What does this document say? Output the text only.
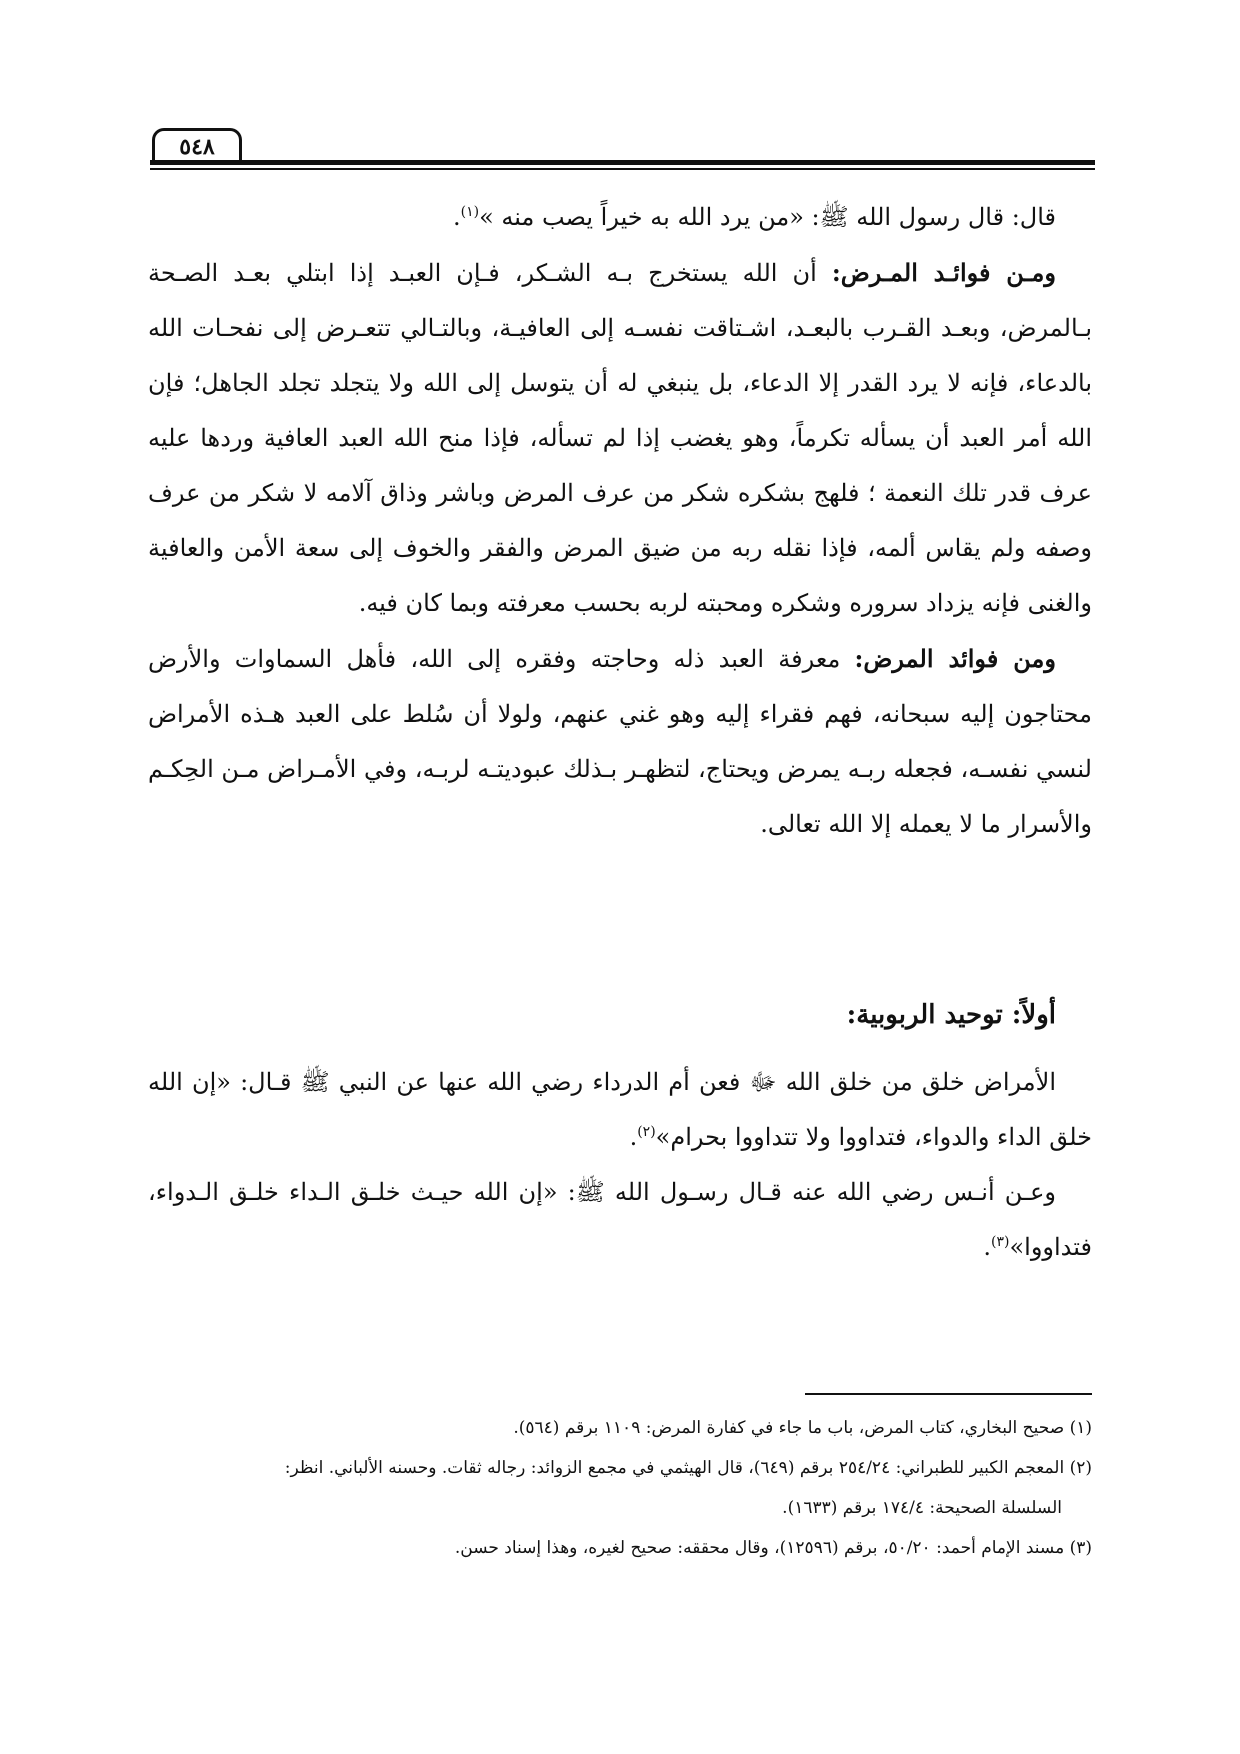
٥٤٨

قال: قال رسول الله ﷺ: «من يرد الله به خيراً يصب منه »$^{(١)}$.

ومـن فوائـد المـرض: أن الله يستخرج بـه الشـكر، فـإن العبـد إذا ابتلي بعـد الصـحة بـالمرض، وبعـد القـرب بالبعـد، اشـتاقت نفسـه إلى العافيـة، وبالتـالي تتعـرض إلى نفحـات الله بالدعاء، فإنه لا يرد القدر إلا الدعاء، بل ينبغي له أن يتوسل إلى الله ولا يتجلد تجلد الجاهل؛ فإن الله أمر العبد أن يسأله تكرماً، وهو يغضب إذا لم تسأله، فإذا منح الله العبد العافية وردها عليه عرف قدر تلك النعمة ؛ فلهج بشكره شكر من عرف المرض وباشر وذاق آلامه لا شكر من عرف وصفه ولم يقاس ألمه، فإذا نقله ربه من ضيق المرض والفقر والخوف إلى سعة الأمن والعافية والغنى فإنه يزداد سروره وشكره ومحبته لربه بحسب معرفته وبما كان فيه.

ومن فوائد المرض: معرفة العبد ذله وحاجته وفقره إلى الله، فأهل السماوات والأرض محتاجون إليه سبحانه، فهم فقراء إليه وهو غني عنهم، ولولا أن سُلط على العبد هـذه الأمراض لنسي نفسـه، فجعله ربـه يمرض ويحتاج، لتظهـر بـذلك عبوديتـه لربـه، وفي الأمـراض مـن الحِكـم والأسرار ما لا يعمله إلا الله تعالى.

أولاً: توحيد الربوبية:

الأمراض خلق من خلق الله ﷻ فعن أم الدرداء رضي الله عنها عن النبي ﷺ قـال: «إن الله خلق الداء والدواء، فتداووا ولا تتداووا بحرام»$^{(٢)}$.

وعـن أنـس رضي الله عنه قـال رسـول الله ﷺ: «إن الله حيـث خلـق الـداء خلـق الـدواء، فتداووا»$^{(٣)}$.

(١) صحيح البخاري، كتاب المرض، باب ما جاء في كفارة المرض: ١١٠٩ برقم (٥٦٤).

(٢) المعجم الكبير للطبراني: ٢٥٤/٢٤ برقم (٦٤٩)، قال الهيثمي في مجمع الزوائد: رجاله ثقات. وحسنه الألباني. انظر:

السلسلة الصحيحة: ١٧٤/٤ برقم (١٦٣٣).

(٣) مسند الإمام أحمد: ٥٠/٢٠، برقم (١٢٥٩٦)، وقال محققه: صحيح لغيره، وهذا إسناد حسن.
